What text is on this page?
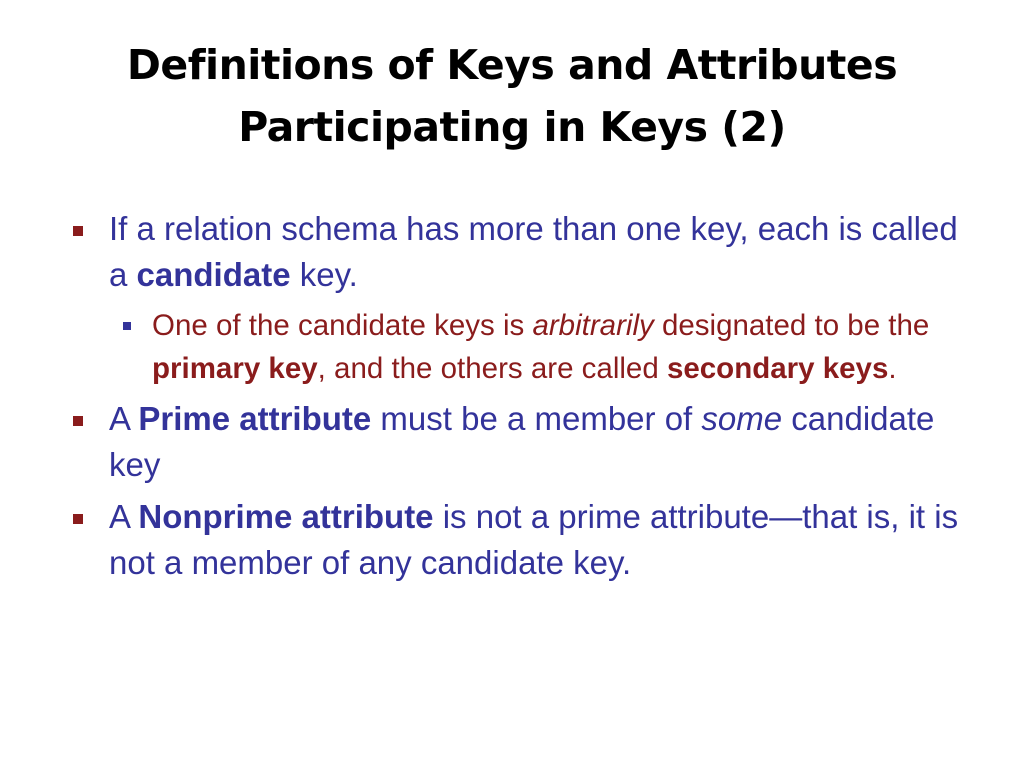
Definitions of Keys and Attributes
Participating in Keys (2)
If a relation schema has more than one key, each is called a candidate key.
One of the candidate keys is arbitrarily designated to be the primary key, and the others are called secondary keys.
A Prime attribute must be a member of some candidate key
A Nonprime attribute is not a prime attribute—that is, it is not a member of any candidate key.
